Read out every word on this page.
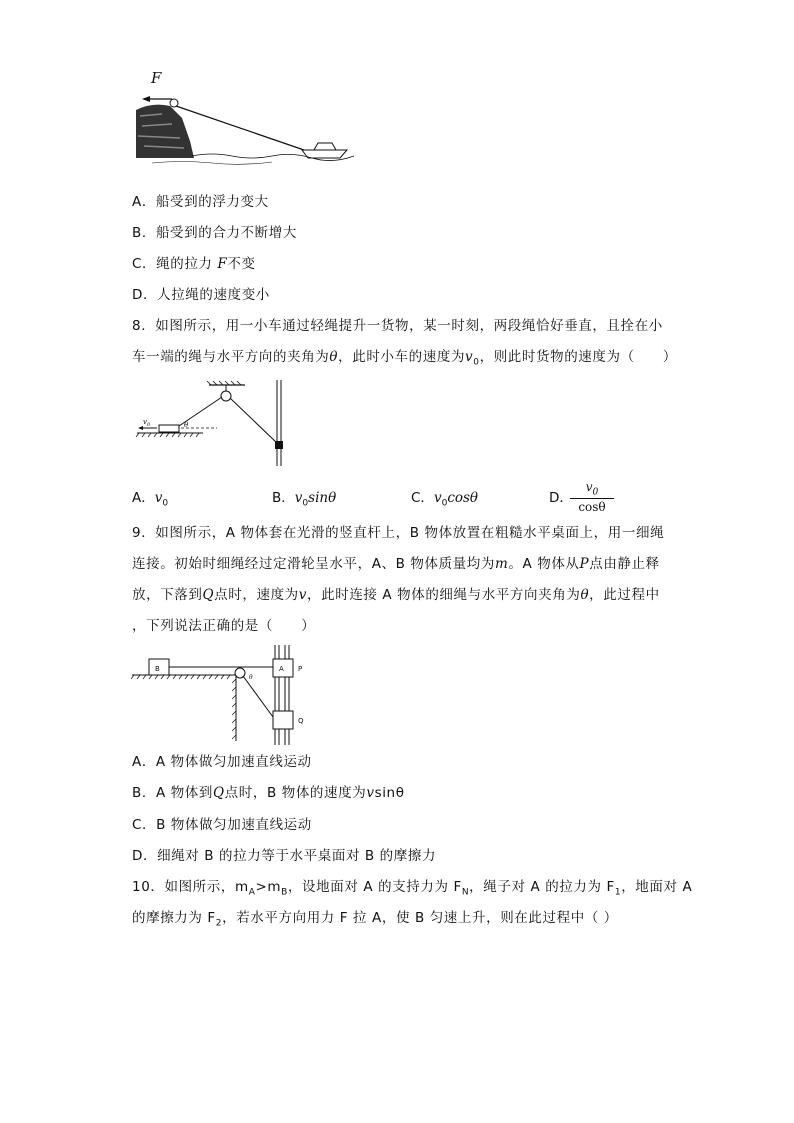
F
A．船受到的浮力变大
B．船受到的合力不断增大
C．绳的拉力 F不变
D．人拉绳的速度变小
8．如图所示，用一小车通过轻绳提升一货物，某一时刻，两段绳恰好垂直，且拴在小
车一端的绳与水平方向的夹角为θ，此时小车的速度为$v_0$，则此时货物的速度为（　　）
θ
$v_0$
A．$v_0$	B．$v_0\sin\theta$	C．$v_0\cos\theta$	D．
$\frac{v_0}{\cos\theta}$
9．如图所示，A 物体套在光滑的竖直杆上，B 物体放置在粗糙水平桌面上，用一细绳
连接。初始时细绳经过定滑轮呈水平，A、B 物体质量均为m。A 物体从P点由静止释
放，下落到Q点时，速度为v，此时连接 A 物体的细绳与水平方向夹角为θ，此过程中
，下列说法正确的是（　　）
B
θ
A P
Q
A．A 物体做匀加速直线运动
B．A 物体到Q点时，B 物体的速度为vsinθ
C．B 物体做匀加速直线运动
D．细绳对 B 的拉力等于水平桌面对 B 的摩擦力
10．如图所示，$m_A>m_B$，设地面对 A 的支持力为 $F_N$，绳子对 A 的拉力为 $F_1$，地面对 A
的摩擦力为 $F_2$，若水平方向用力 F 拉 A，使 B 匀速上升，则在此过程中（ ）
